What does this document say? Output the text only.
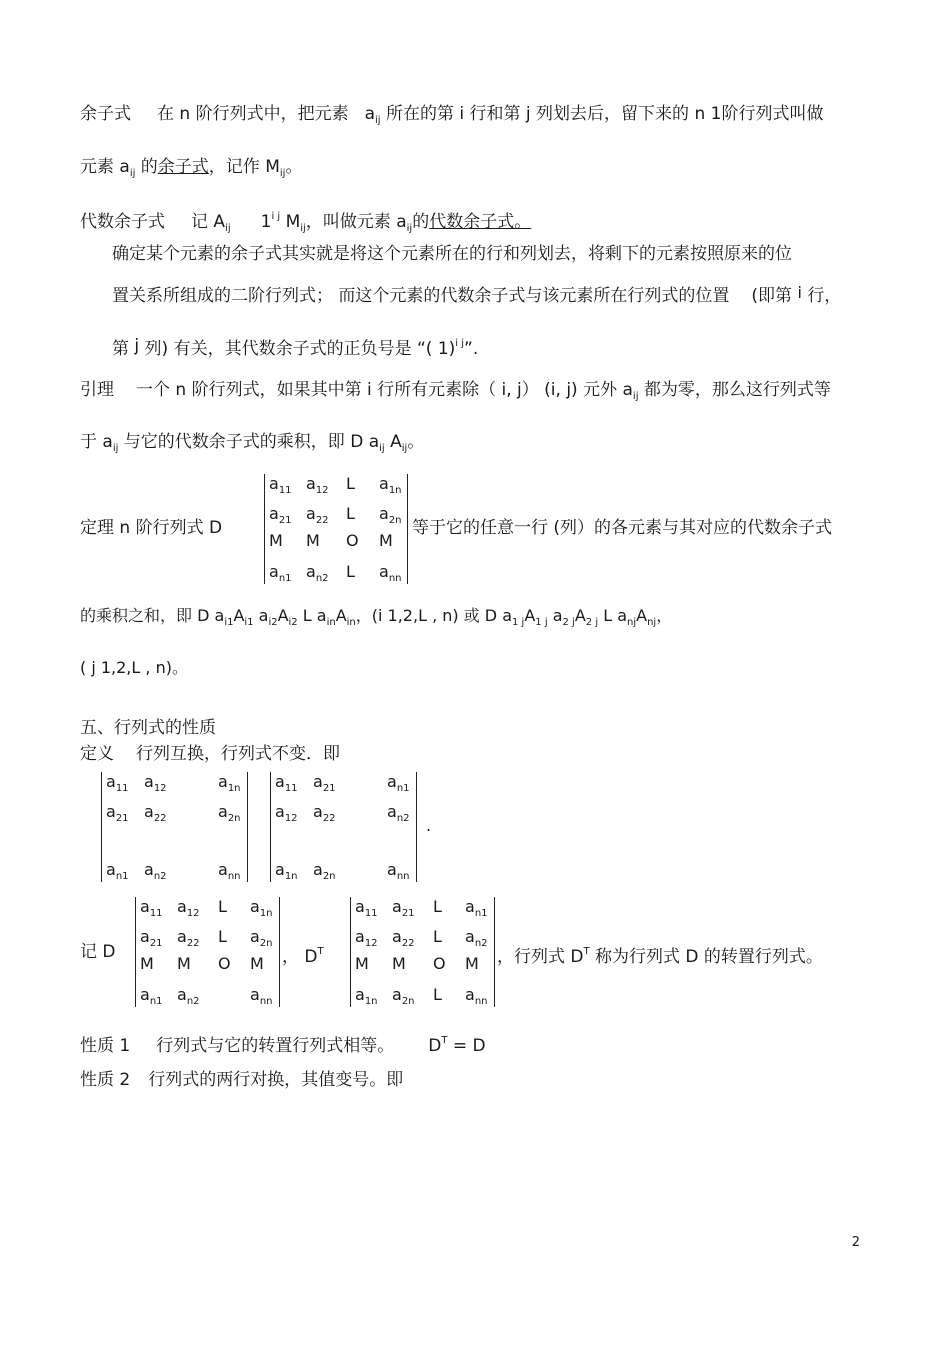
余子式 在 n 阶行列式中，把元素 $a_{ij}$ 所在的第 i 行和第 j 列划去后，留下来的 n 1阶行列式叫做
元素 $a_{ij}$ 的余子式，记作 $M_{ij}$。
代数余子式 记 $A_{ij}$ $1^{i j}$ $M_{ij}$，叫做元素 $a_{ij}$的代数余子式。
确定某个元素的余子式其实就是将这个元素所在的行和列划去，将剩下的元素按照原来的位
置关系所组成的二阶行列式； 而这个元素的代数余子式与该元素所在行列式的位置 (即第 i 行，
第 j 列) 有关，其代数余子式的正负号是 “( 1)$^{i j}$”.
引理 一个 n 阶行列式，如果其中第 i 行所有元素除（ i, j） (i, j) 元外 $a_{ij}$ 都为零，那么这行列式等
于 $a_{ij}$ 与它的代数余子式的乘积，即 D $a_{ij}$ $A_{ij}$。
定理 n 阶行列式 D
$a_{11}$ $a_{12}$ L $a_{1n}$
$a_{21}$ $a_{22}$ L $a_{2n}$
M M O M
$a_{n1}$ $a_{n2}$ L $a_{nn}$
等于它的任意一行 (列）的各元素与其对应的代数余子式
的乘积之和，即 D $a_{i1}A_{i1}$ $a_{i2}A_{i2}$ L $a_{in}A_{in}$，(i 1,2,L , n) 或 D $a_{1 j}A_{1 j}$ $a_{2 j}A_{2 j}$ L $a_{nj}A_{nj}$，
( j 1,2,L , n)。
五、行列式的性质
定义 行列互换，行列式不变．即
$a_{11}$ $a_{12}$	$a_{1n}$
$a_{21}$ $a_{22}$	$a_{2n}$
$a_{n1}$ $a_{n2}$	$a_{nn}$
$a_{11}$ $a_{21}$	$a_{n1}$
$a_{12}$ $a_{22}$	$a_{n2}$
$a_{1n}$ $a_{2n}$	$a_{nn}$
.
记 D
$a_{11}$ $a_{12}$ L $a_{1n}$
$a_{21}$ $a_{22}$ L $a_{2n}$
M M O M
$a_{n1}$ $a_{n2}$	$a_{nn}$
， $D^T$
$a_{11}$ $a_{21}$ L $a_{n1}$
$a_{12}$ $a_{22}$ L $a_{n2}$
M M O M
$a_{1n}$ $a_{2n}$ L $a_{nn}$
，行列式 $D^T$ 称为行列式 D 的转置行列式。
性质 1 行列式与它的转置行列式相等。 $D^T = D$
性质 2 行列式的两行对换，其值变号。即
2
